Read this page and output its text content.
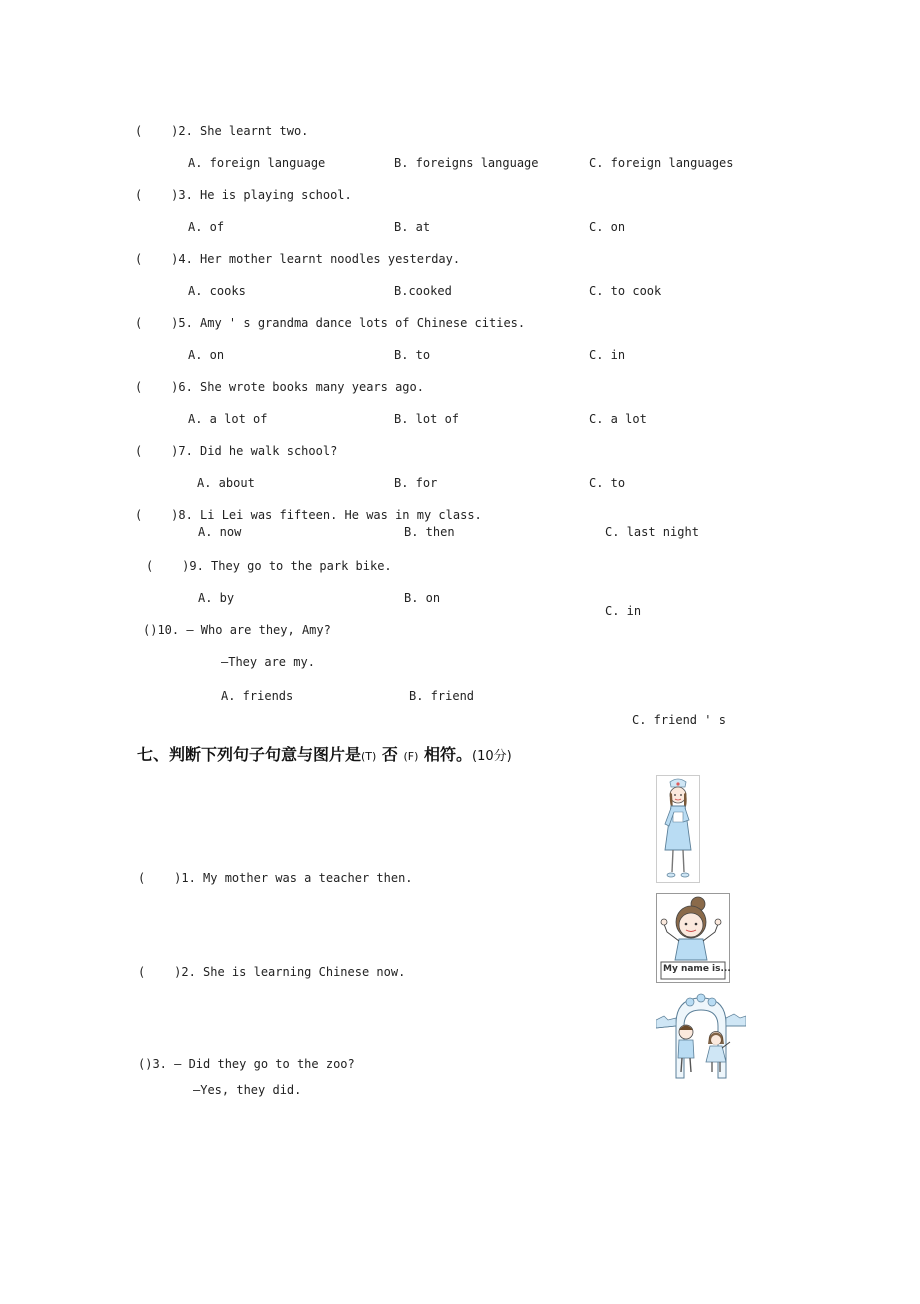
(    )2. She learnt two.
A. foreign language	B. foreigns language	C. foreign languages
(    )3. He is playing school.
A. of	B. at	C. on
(    )4. Her mother learnt noodles yesterday.
A. cooks	B.cooked	C. to cook
(    )5. Amy ' s grandma dance lots of Chinese cities.
A. on	B. to	C. in
(    )6. She wrote books many years ago.
A. a lot of	B. lot of	C. a lot
(    )7. Did he walk school?
A. about	B. for	C. to
(    )8. Li Lei was fifteen. He was in my class.
A. now	B. then	C. last night
(    )9. They go to the park bike.
A. by	B. on
C. in
()10. — Who are they, Amy?
—They are my.
A. friends	B. friend
C. friend ' s
七、判断下列句子句意与图片是(T) 否 (F) 相符。(10分)
(    )1. My mother was a teacher then.
(    )2. She is learning Chinese now.
()3. — Did they go to the zoo?
—Yes, they did.
My name is...
